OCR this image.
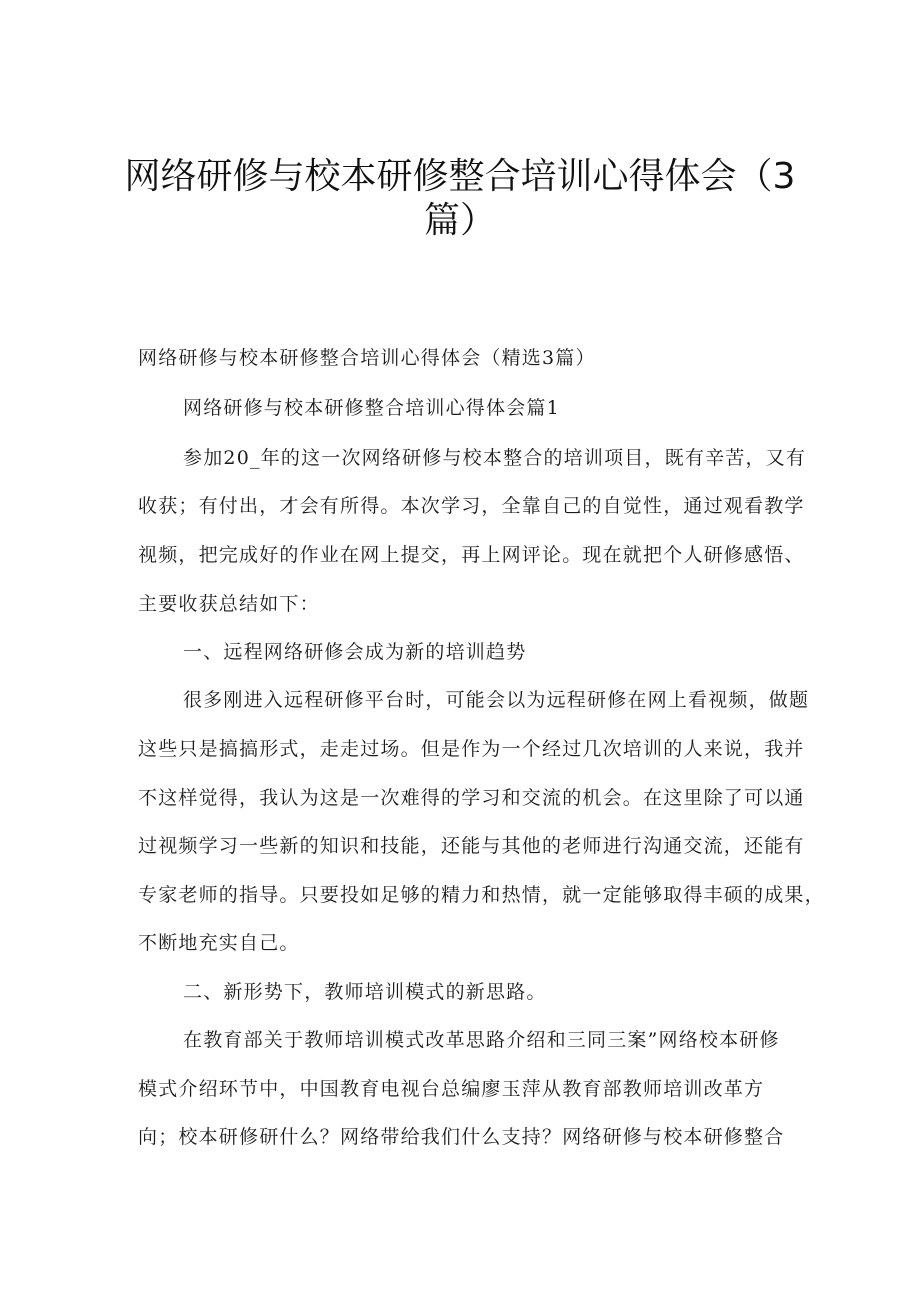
网络研修与校本研修整合培训心得体会（3
篇）

网络研修与校本研修整合培训心得体会（精选3篇）

网络研修与校本研修整合培训心得体会篇1

参加20_年的这一次网络研修与校本整合的培训项目，既有辛苦，又有

收获；有付出，才会有所得。本次学习，全靠自己的自觉性，通过观看教学

视频，把完成好的作业在网上提交，再上网评论。现在就把个人研修感悟、

主要收获总结如下：

一、远程网络研修会成为新的培训趋势

很多刚进入远程研修平台时，可能会以为远程研修在网上看视频，做题

这些只是搞搞形式，走走过场。但是作为一个经过几次培训的人来说，我并

不这样觉得，我认为这是一次难得的学习和交流的机会。在这里除了可以通

过视频学习一些新的知识和技能，还能与其他的老师进行沟通交流，还能有

专家老师的指导。只要投如足够的精力和热情，就一定能够取得丰硕的成果，

不断地充实自己。

二、新形势下，教师培训模式的新思路。

在教育部关于教师培训模式改革思路介绍和三同三案”网络校本研修

模式介绍环节中，中国教育电视台总编廖玉萍从教育部教师培训改革方

向；校本研修研什么？网络带给我们什么支持？网络研修与校本研修整合
